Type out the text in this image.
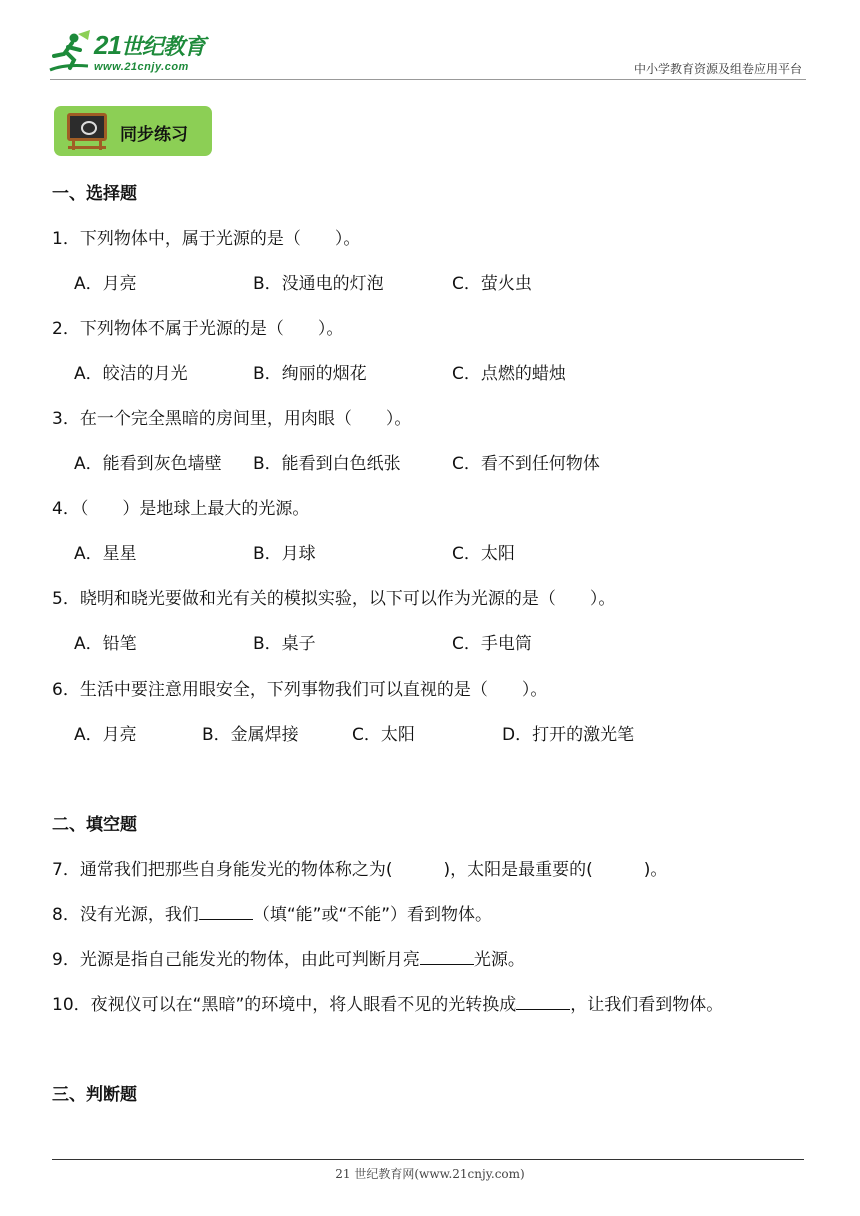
21世纪教育
www.21cnjy.com	中小学教育资源及组卷应用平台
同步练习
一、选择题
1．下列物体中，属于光源的是（　　）。
A．月亮	B．没通电的灯泡	C．萤火虫
2．下列物体不属于光源的是（　　）。
A．皎洁的月光	B．绚丽的烟花	C．点燃的蜡烛
3．在一个完全黑暗的房间里，用肉眼（　　）。
A．能看到灰色墙壁 B．能看到白色纸张	C．看不到任何物体
4．（　　）是地球上最大的光源。
A．星星	B．月球	C．太阳
5．晓明和晓光要做和光有关的模拟实验，以下可以作为光源的是（　　）。
A．铅笔	B．桌子	C．手电筒
6．生活中要注意用眼安全，下列事物我们可以直视的是（　　）。
A．月亮	B．金属焊接	C．太阳	D．打开的激光笔
二、填空题
7．通常我们把那些自身能发光的物体称之为(　　　)，太阳是最重要的(　　　)。
8．没有光源，我们	（填“能”或“不能”）看到物体。
9．光源是指自己能发光的物体，由此可判断月亮	光源。
10．夜视仪可以在“黑暗”的环境中，将人眼看不见的光转换成	，让我们看到物体。
三、判断题
21 世纪教育网(www.21cnjy.com)
